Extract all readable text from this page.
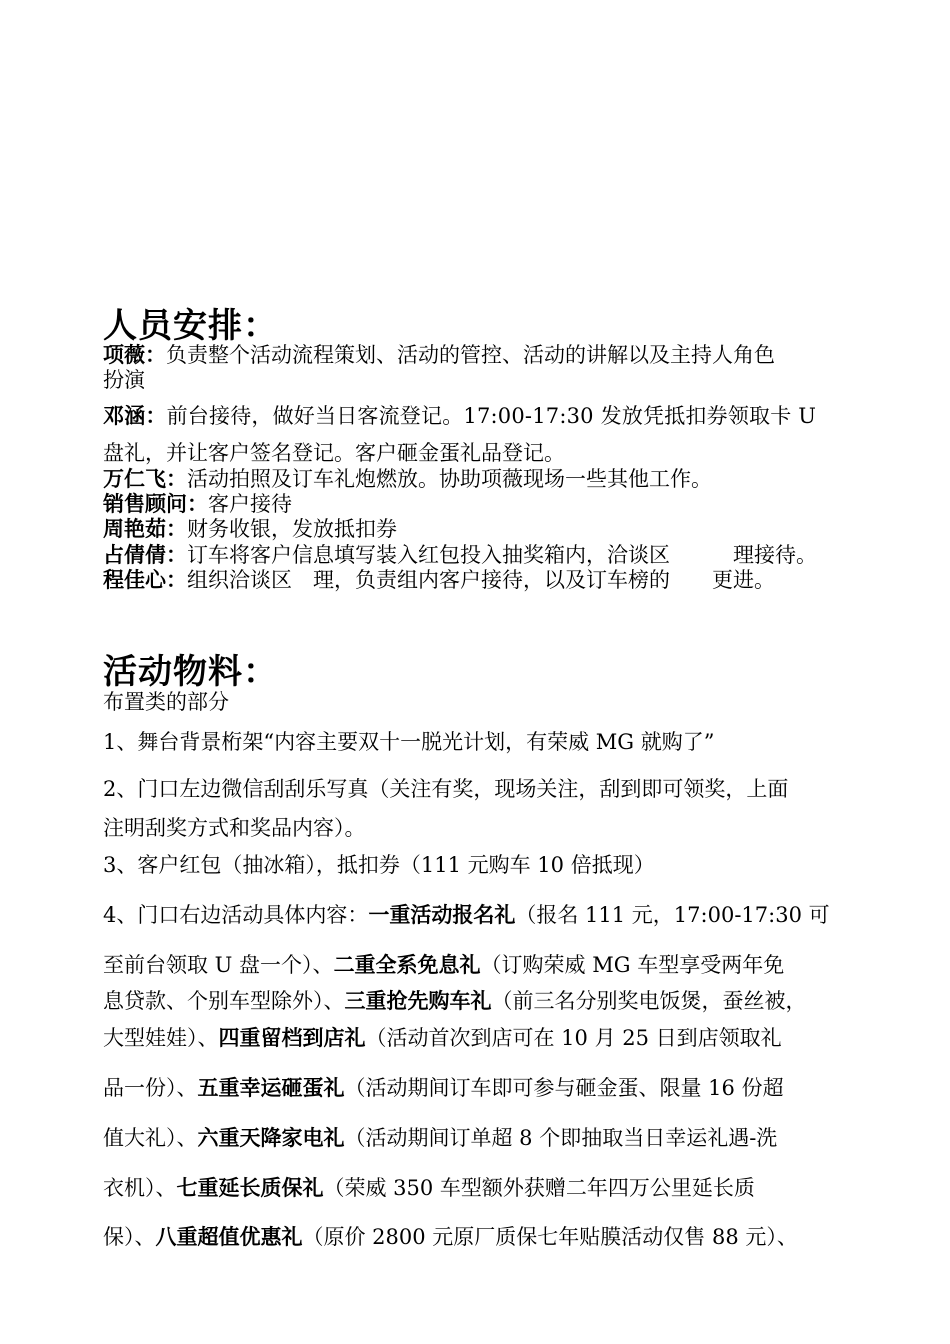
人员安排：
项薇：负责整个活动流程策划、活动的管控、活动的讲解以及主持人角色
扮演
邓涵：前台接待，做好当日客流登记。17:00-17:30 发放凭抵扣券领取卡 U
盘礼，并让客户签名登记。客户砸金蛋礼品登记。
万仁飞：活动拍照及订车礼炮燃放。协助项薇现场一些其他工作。
销售顾问：客户接待
周艳茹：财务收银，发放抵扣券
占倩倩：订车将客户信息填写装入红包投入抽奖箱内，洽谈区　　　理接待。
程佳心：组织洽谈区　理，负责组内客户接待，以及订车榜的　　更进。
活动物料：
布置类的部分
1、舞台背景桁架“内容主要双十一脱光计划，有荣威 MG 就购了”
2、门口左边微信刮刮乐写真（关注有奖，现场关注，刮到即可领奖，上面
注明刮奖方式和奖品内容）。
3、客户红包（抽冰箱），抵扣券（111 元购车 10 倍抵现）
4、门口右边活动具体内容：一重活动报名礼（报名 111 元，17:00-17:30 可
至前台领取 U 盘一个）、二重全系免息礼（订购荣威 MG 车型享受两年免
息贷款、个别车型除外）、三重抢先购车礼（前三名分别奖电饭煲，蚕丝被，
大型娃娃）、四重留档到店礼（活动首次到店可在 10 月 25 日到店领取礼
品一份）、五重幸运砸蛋礼（活动期间订车即可参与砸金蛋、限量 16 份超
值大礼）、六重天降家电礼（活动期间订单超 8 个即抽取当日幸运礼遇-洗
衣机）、七重延长质保礼（荣威 350 车型额外获赠二年四万公里延长质
保）、八重超值优惠礼（原价 2800 元原厂质保七年贴膜活动仅售 88 元）、
